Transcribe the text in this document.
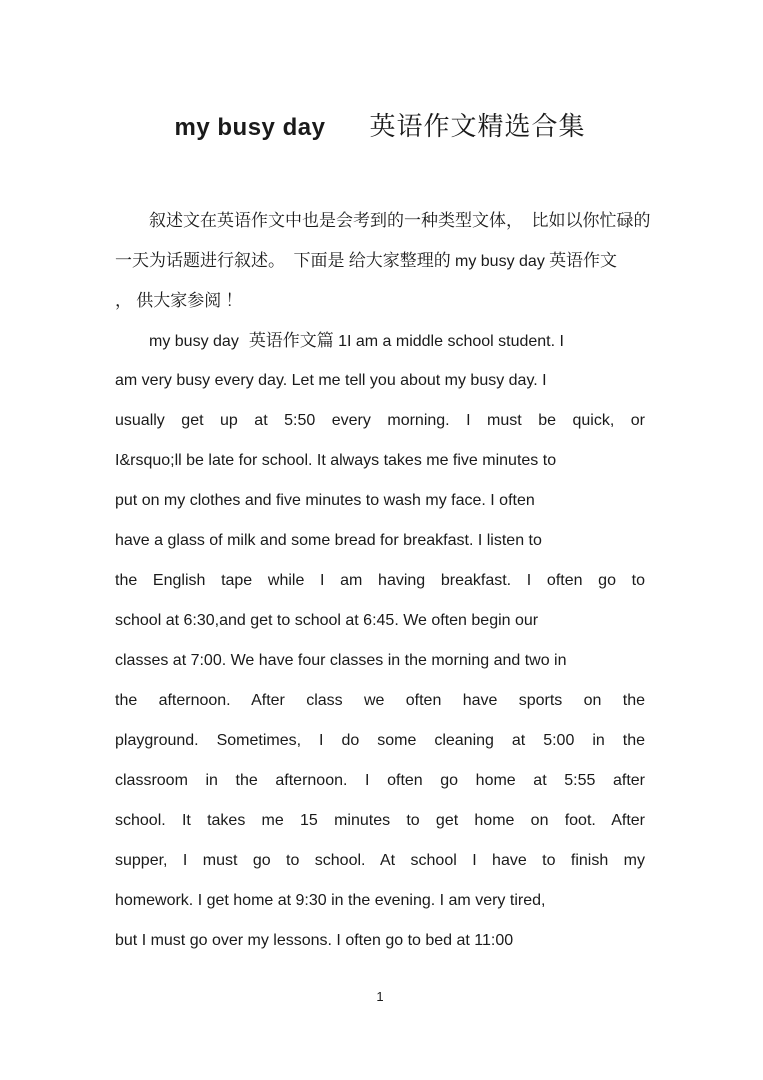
my busy day 英语作文精选合集
叙述文在英语作文中也是会考到的一种类型文体，　比如以你忙碌的
一天为话题进行叙述。　下面是 给大家整理的 my busy day 英语作文
， 供大家参阅 ！
my busy day 英语作文篇 1I am a middle school student. I
am very busy every day. Let me tell you about my busy day. I
usually get up at 5:50 every morning. I must be quick, or
I&rsquo;ll be late for school. It always takes me five minutes to
put on my clothes and five minutes to wash my face. I often
have a glass of milk and some bread for breakfast. I listen to
the English tape while I am having breakfast. I often go to
school at 6:30,and get to school at 6:45. We often begin our
classes at 7:00. We have four classes in the morning and two in
the afternoon. After class we often have sports on the
playground. Sometimes, I do some cleaning at 5:00 in the
classroom in the afternoon. I often go home at 5:55 after
school. It takes me 15 minutes to get home on foot. After
supper, I must go to school. At school I have to finish my
homework. I get home at 9:30 in the evening. I am very tired,
but I must go over my lessons. I often go to bed at 11:00
1
